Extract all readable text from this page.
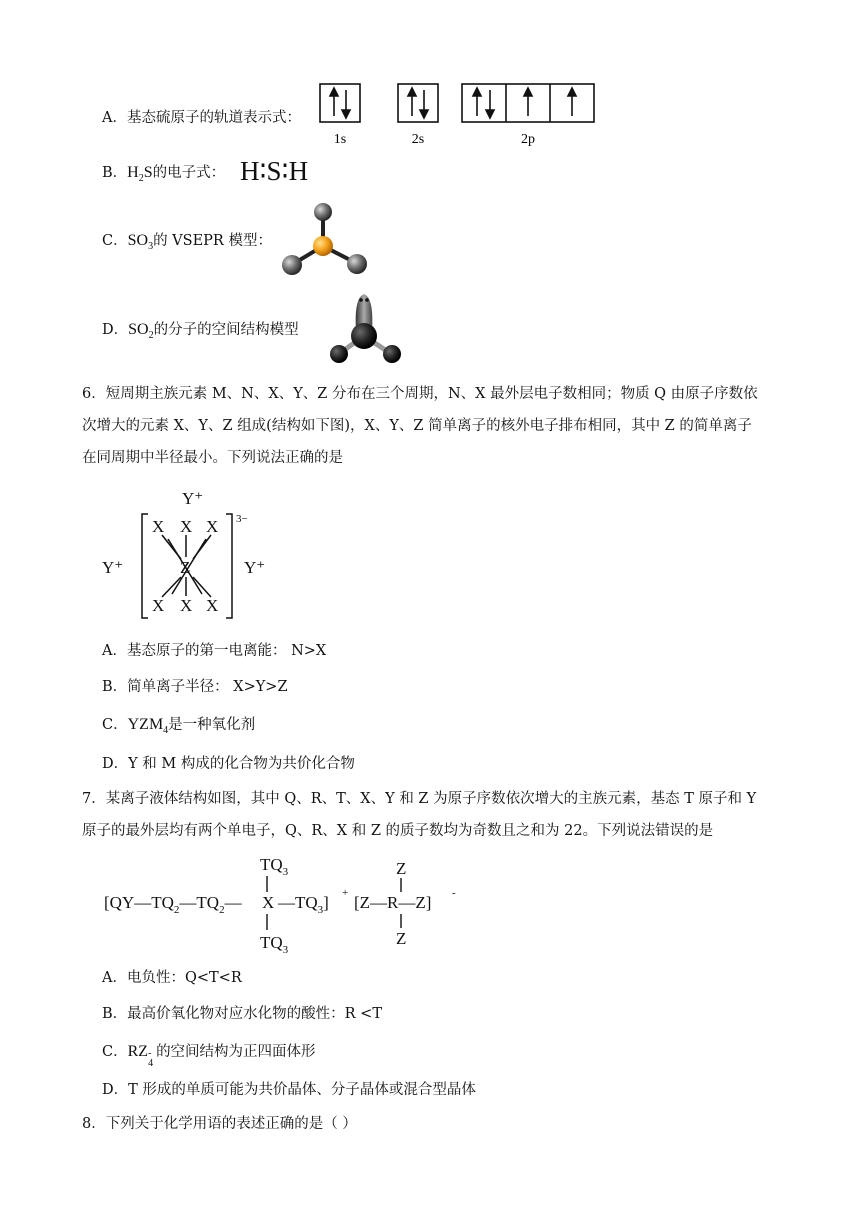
A．基态硫原子的轨道表示式：
1s	2s	2p
B．$H_2S$的电子式： H∶S∶H
C．$SO_3$的 VSEPR 模型：
D．$SO_2$的分子的空间结构模型
6．短周期主族元素 M、N、X、Y、Z 分布在三个周期，N、X 最外层电子数相同；物质 Q 由原子序数依
次增大的元素 X、Y、Z 组成(结构如下图)，X、Y、Z 简单离子的核外电子排布相同，其中 Z 的简单离子
在同周期中半径最小。下列说法正确的是
Y⁺
Y⁺	Y⁺
X X X
Z
X X X
3−
A．基态原子的第一电离能： N>X
B．简单离子半径： X>Y>Z
C．$YZM_4$是一种氧化剂
D．Y 和 M 构成的化合物为共价化合物
7．某离子液体结构如图，其中 Q、R、T、X、Y 和 Z 为原子序数依次增大的主族元素，基态 T 原子和 Y
原子的最外层均有两个单电子，Q、R、X 和 Z 的质子数均为奇数且之和为 22。下列说法错误的是
$TQ_3$
[$QY—TQ_2—TQ_2—$ X $—TQ_3$] +
$TQ_3$
Z
[Z—R—Z] -
Z
A．电负性：Q<T<R
B．最高价氧化物对应水化物的酸性：R <T
C．RZ -
4
的空间结构为正四面体形
D．T 形成的单质可能为共价晶体、分子晶体或混合型晶体
8．下列关于化学用语的表述正确的是（ ）
